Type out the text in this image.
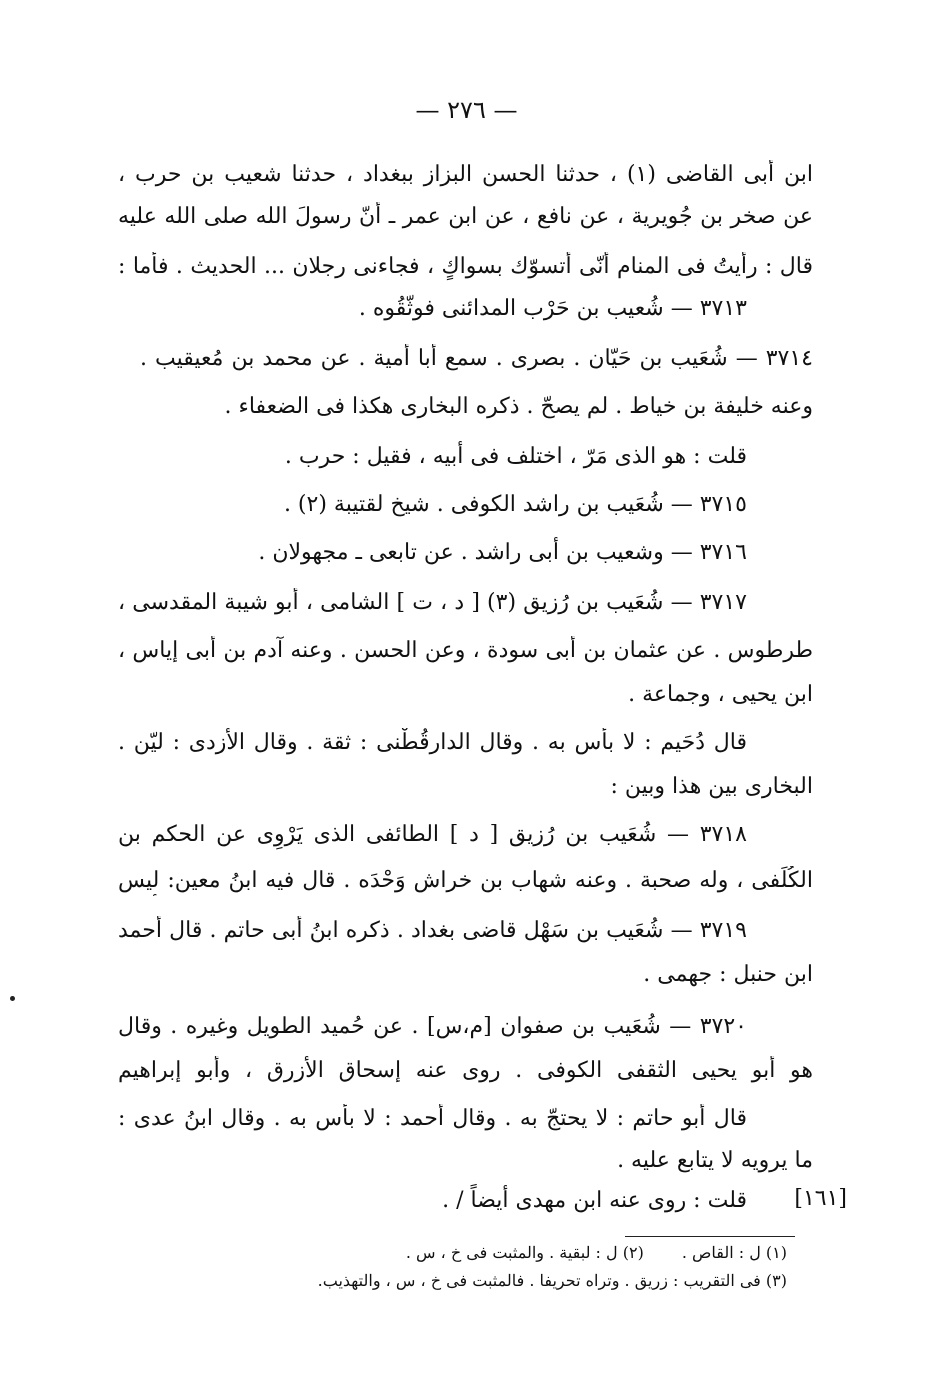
— ٢٧٦ —
ابن أبى القاضى (١) ، حدثنا الحسن البزاز ببغداد ، حدثنا شعيب بن حرب ،
عن صخر بن جُويرية ، عن نافع ، عن ابن عمر ـ أنّ رسولَ الله صلى الله عليه
قال : رأيتُ فى المنام أنّى أتسوّك بسواكٍ ، فجاءنى رجلان ... الحديث . فأما :
٣٧١٣ — شُعيب بن حَرْب المدائنى فوثّقُوه .
٣٧١٤ — شُعَيب بن حَيّان . بصرى . سمع أبا أمية . عن محمد بن مُعيقيب .
وعنه خليفة بن خياط . لم يصحّ . ذكره البخارى هكذا فى الضعفاء .
قلت : هو الذى مَرّ ، اختلف فى أبيه ، فقيل : حرب .
٣٧١٥ — شُعَيب بن راشد الكوفى . شيخ لقتيبة (٢) .
٣٧١٦ — وشعيب بن أبى راشد . عن تابعى ـ مجهولان .
٣٧١٧ — شُعَيب بن رُزيق (٣) [ د ، ت ] الشامى ، أبو شيبة المقدسى ،
طرطوس . عن عثمان بن أبى سودة ، وعن الحسن . وعنه آدم بن أبى إياس ،
ابن يحيى ، وجماعة .
قال دُحَيم : لا بأس به . وقال الدارقُطْنى : ثقة . وقال الأزدى : ليّن .
البخارى بين هذا وبين :
٣٧١٨ — شُعَيب بن رُزيق [ د ] الطائفى الذى يَرْوِى عن الحكم بن
الكُلَفى ، وله صحبة . وعنه شهاب بن خراش وَحْدَه . قال فيه ابنُ معين: ليس
٣٧١٩ — شُعَيب بن سَهْل قاضى بغداد . ذكره ابنُ أبى حاتم . قال أحمد
ابن حنبل : جهمى .
٣٧٢٠ — شُعَيب بن صفوان [م،س] . عن حُميد الطويل وغيره . وقال
هو أبو يحيى الثقفى الكوفى . روى عنه إسحاق الأزرق ، وأبو إبراهيم
قال أبو حاتم : لا يحتجّ به . وقال أحمد : لا بأس به . وقال ابنُ عدى :
ما يرويه لا يتابع عليه .
قلت : روى عنه ابن مهدى أيضاً / . [١٦١]
(١) ل : القاص .(٢) ل : لبقية . والمثبت فى خ ، س .
(٣) فى التقريب : زريق . وتراه تحريفا . فالمثبت فى خ ، س ، والتهذيب.
